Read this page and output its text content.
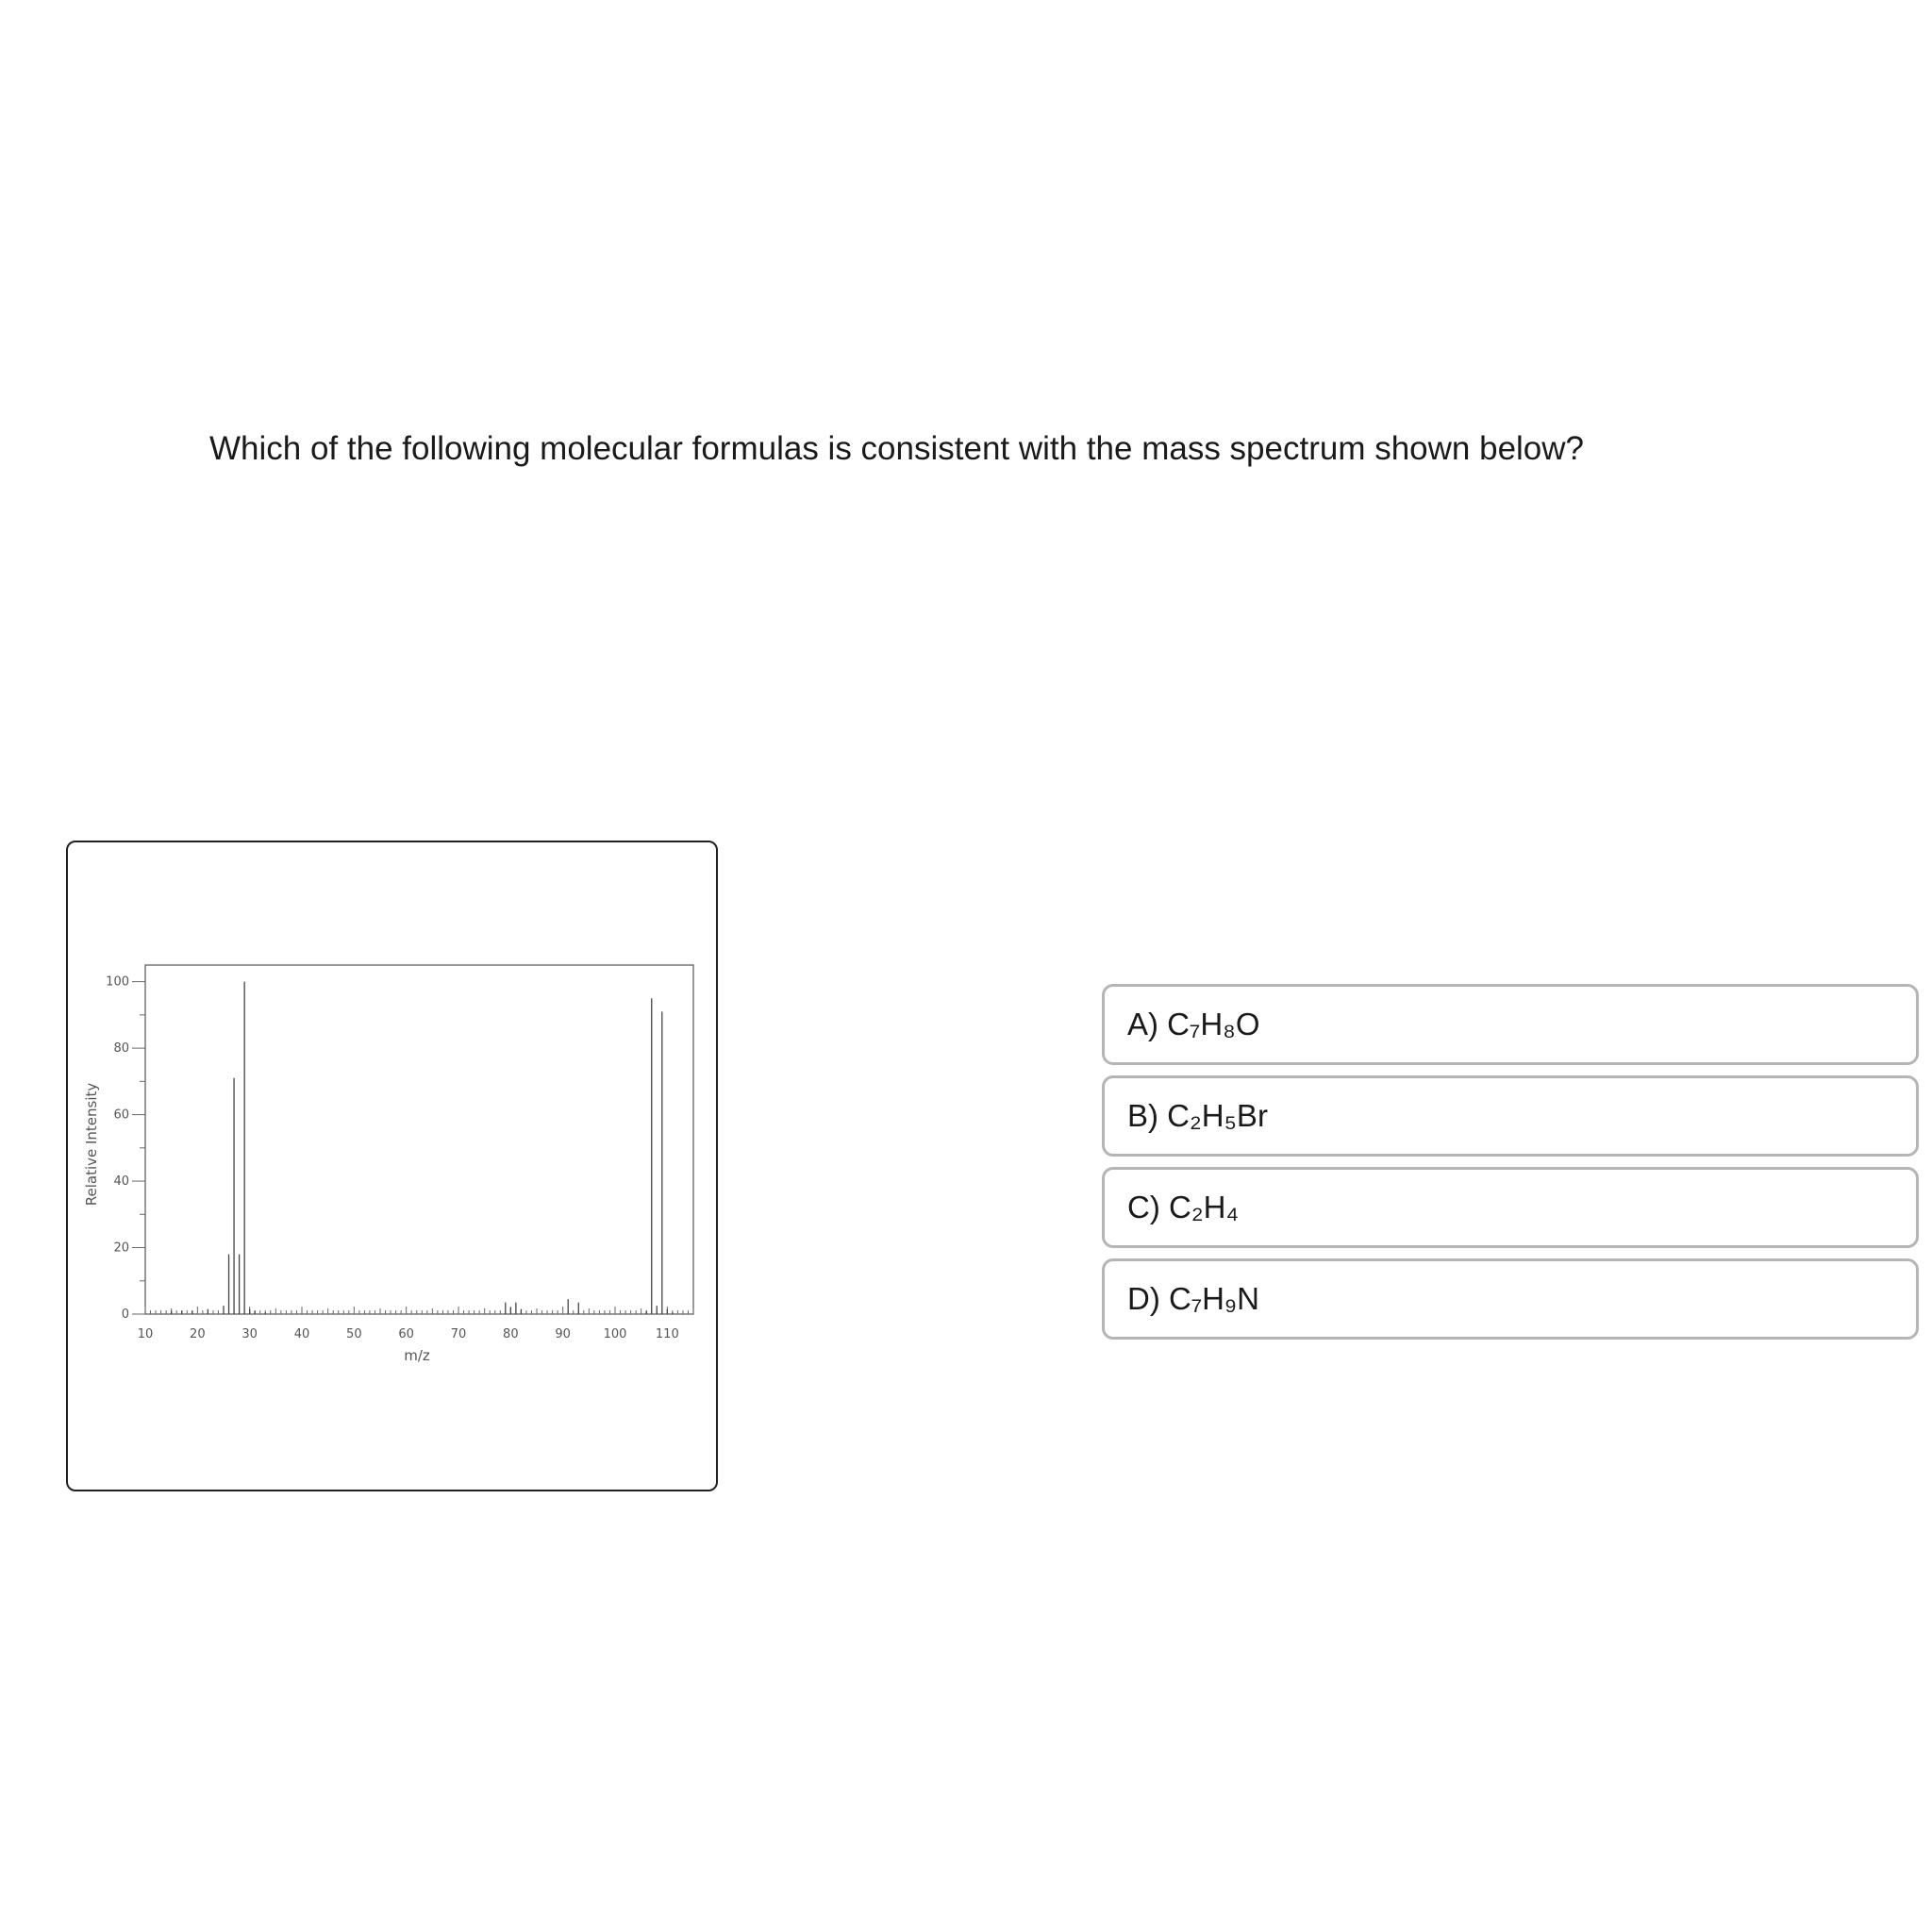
Which of the following molecular formulas is consistent with the mass spectrum shown below?
m/z
Relative Intensity
10	20	30	40	50	60	70	80	90	100 110
0
20
40
60
80
100
A) C₇H₈O
B) C₂H₅Br
C) C₂H₄
D) C₇H₉N
